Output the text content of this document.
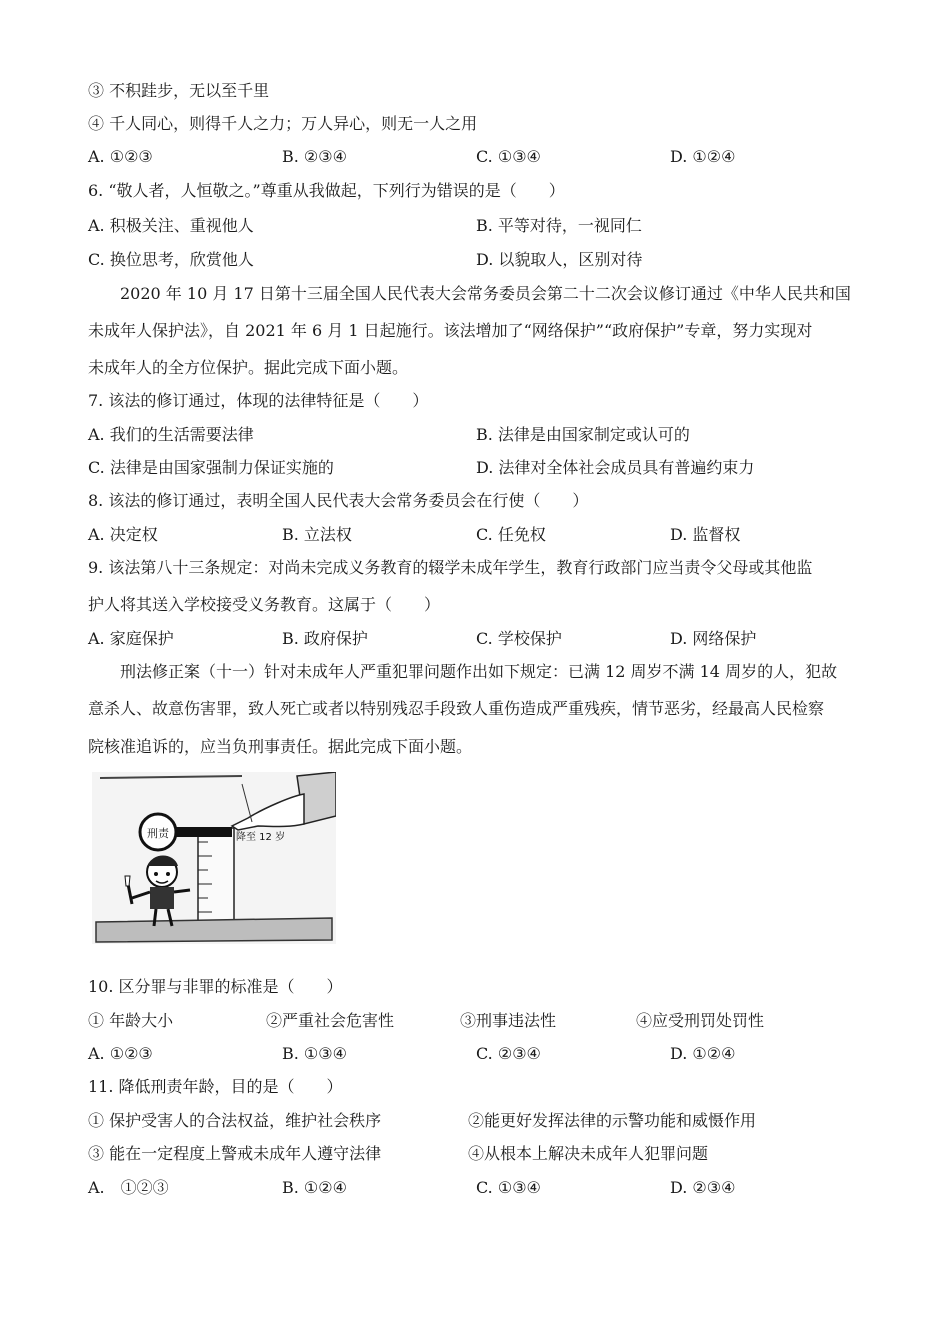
③ 不积跬步，无以至千里
④ 千人同心，则得千人之力；万人异心，则无一人之用
A. ①②③	B. ②③④	C. ①③④	D. ①②④
6. “敬人者，人恒敬之。”尊重从我做起，下列行为错误的是（　　）
A. 积极关注、重视他人	B. 平等对待，一视同仁
C. 换位思考，欣赏他人	D. 以貌取人，区别对待
2020 年 10 月 17 日第十三届全国人民代表大会常务委员会第二十二次会议修订通过《中华人民共和国
未成年人保护法》，自 2021 年 6 月 1 日起施行。该法增加了“网络保护”“政府保护”专章，努力实现对
未成年人的全方位保护。据此完成下面小题。
7. 该法的修订通过，体现的法律特征是（　　）
A. 我们的生活需要法律	B. 法律是由国家制定或认可的
C. 法律是由国家强制力保证实施的	D. 法律对全体社会成员具有普遍约束力
8. 该法的修订通过，表明全国人民代表大会常务委员会在行使（　　）
A. 决定权	B. 立法权	C. 任免权	D. 监督权
9. 该法第八十三条规定：对尚未完成义务教育的辍学未成年学生，教育行政部门应当责令父母或其他监
护人将其送入学校接受义务教育。这属于（　　）
A. 家庭保护	B. 政府保护	C. 学校保护	D. 网络保护
刑法修正案（十一）针对未成年人严重犯罪问题作出如下规定：已满 12 周岁不满 14 周岁的人，犯故
意杀人、故意伤害罪，致人死亡或者以特别残忍手段致人重伤造成严重残疾，情节恶劣，经最高人民检察
院核准追诉的，应当负刑事责任。据此完成下面小题。
刑责	降至 12 岁
10. 区分罪与非罪的标准是（　　）
① 年龄大小	②严重社会危害性	③刑事违法性	④应受刑罚处罚性
A. ①②③	B. ①③④	C. ②③④	D. ①②④
11. 降低刑责年龄，目的是（　　）
① 保护受害人的合法权益，维护社会秩序	②能更好发挥法律的示警功能和威慑作用
③ 能在一定程度上警戒未成年人遵守法律	④从根本上解决未成年人犯罪问题
A.　①②③	B. ①②④	C. ①③④	D. ②③④
